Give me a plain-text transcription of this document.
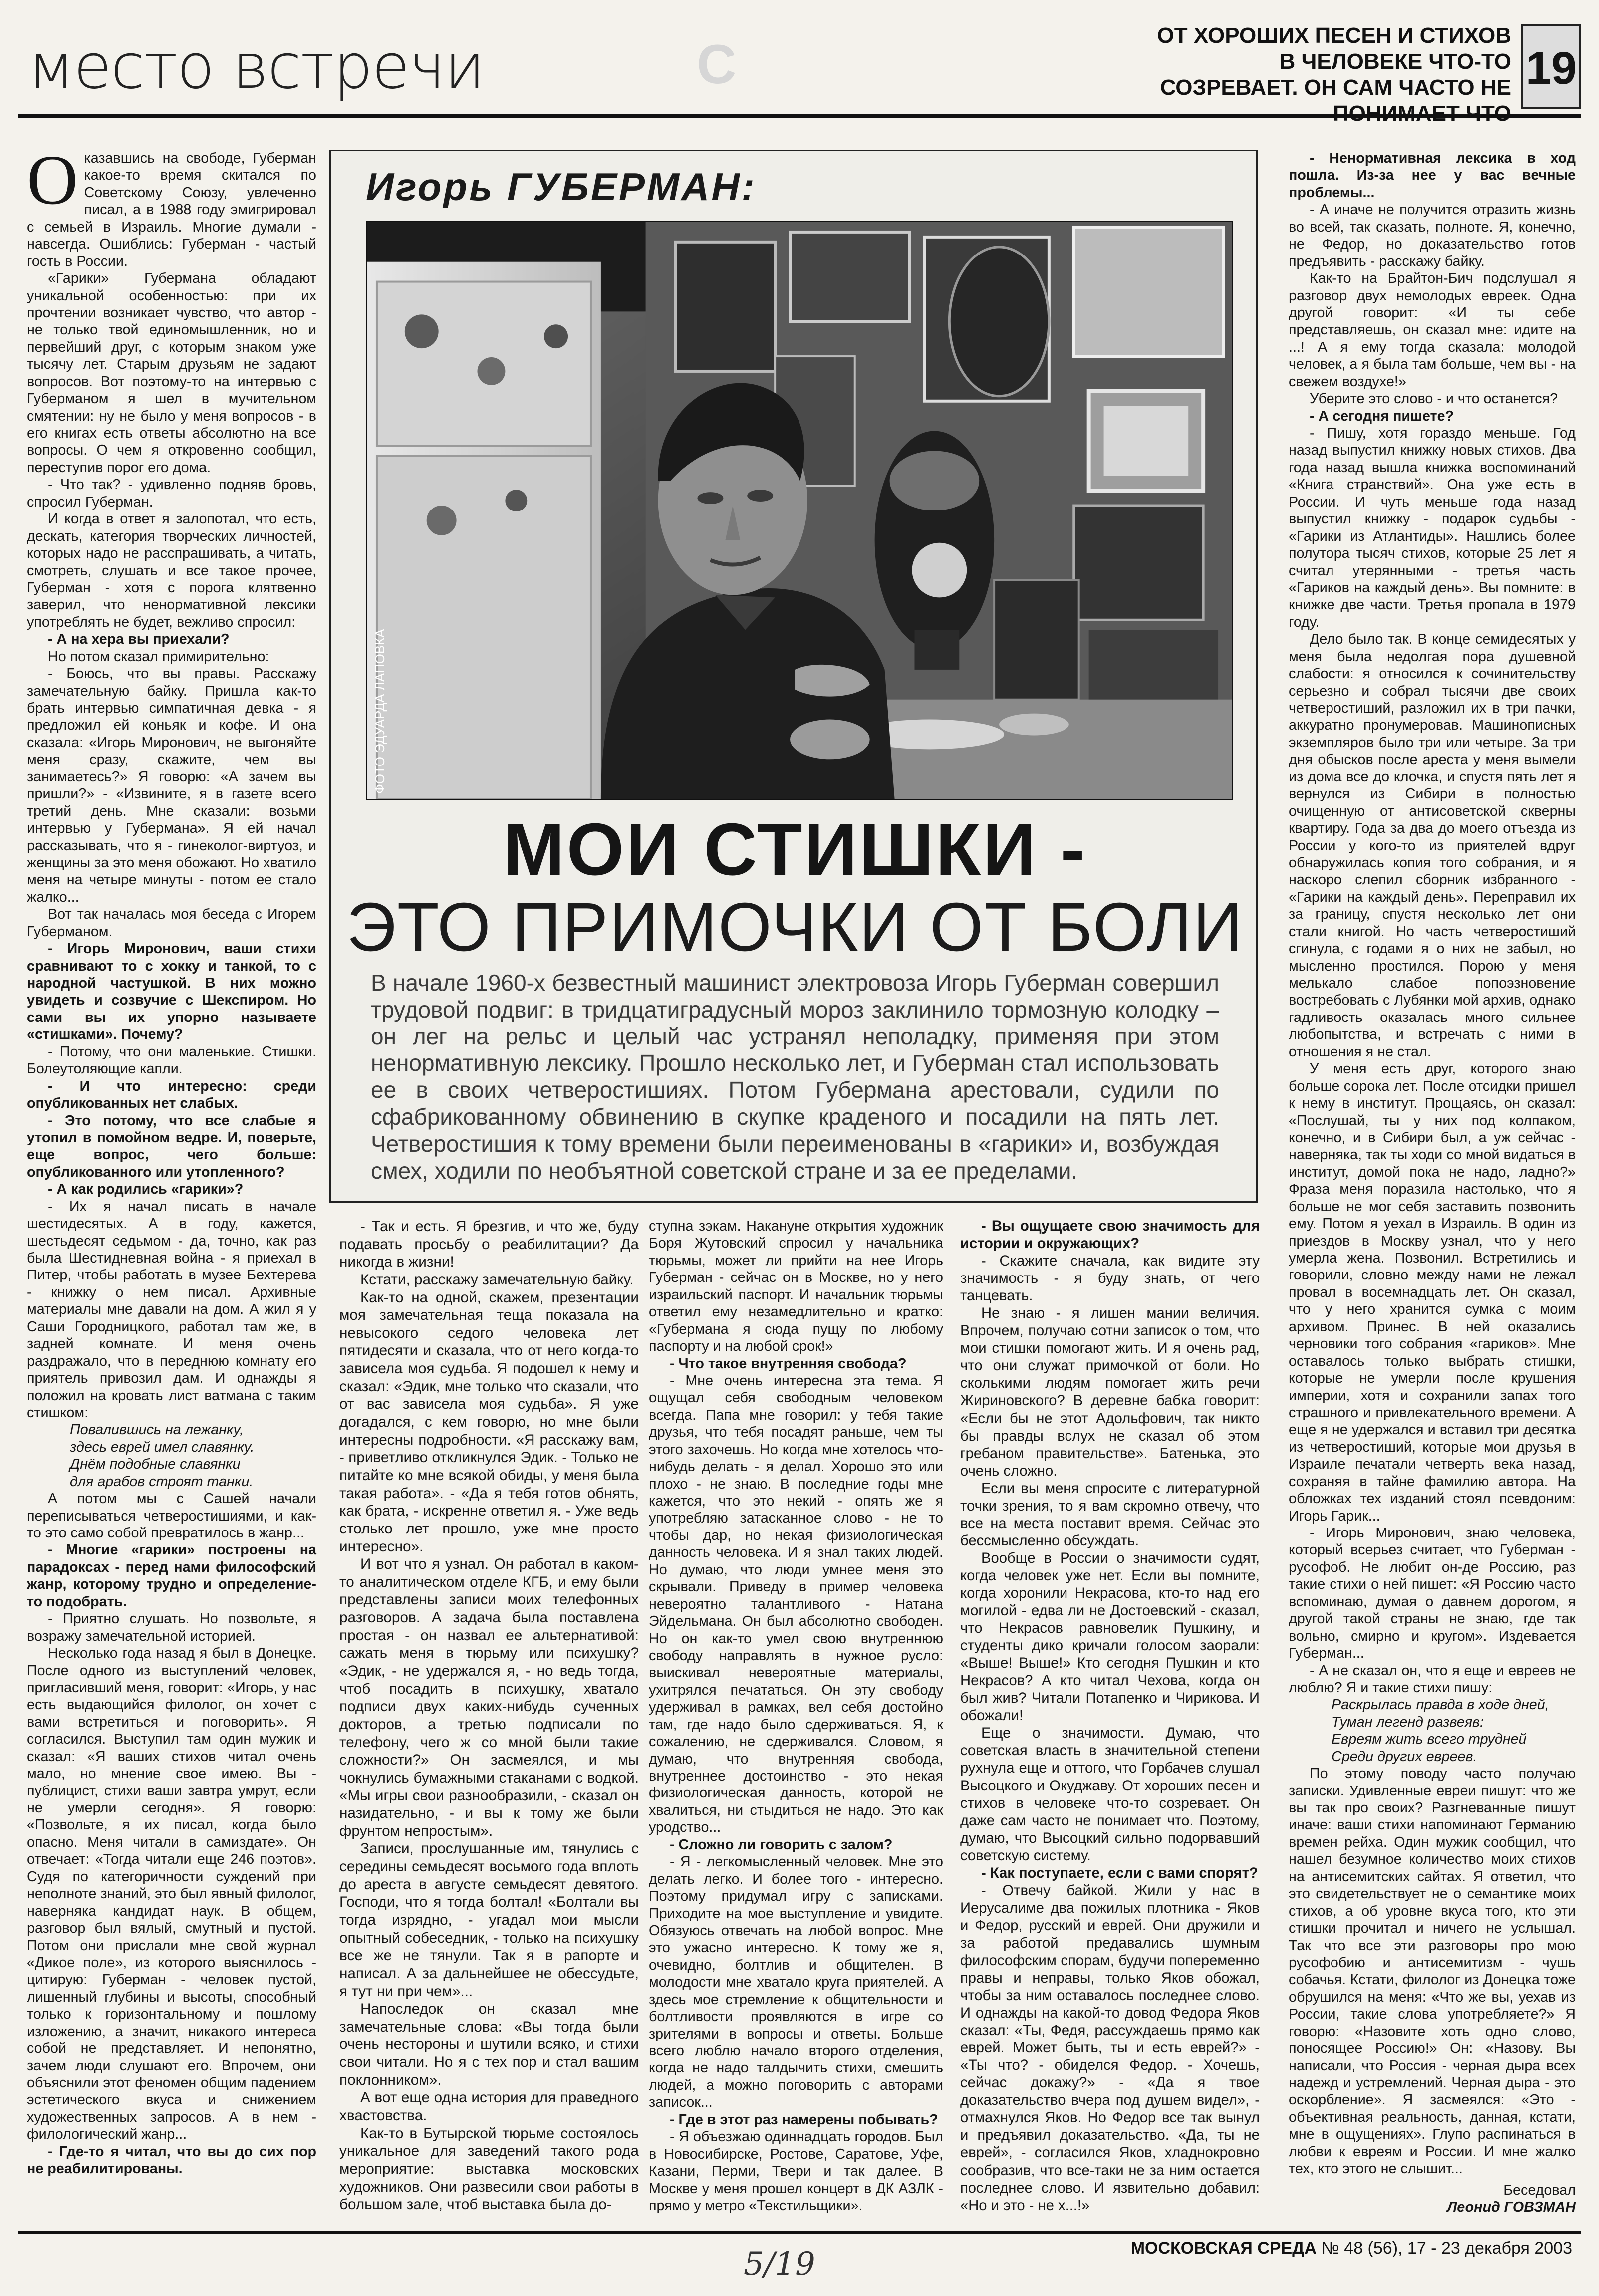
место встречи	С	ОТ ХОРОШИХ ПЕСЕН И СТИХОВ В ЧЕЛОВЕКЕ ЧТО-ТО СОЗРЕВАЕТ. ОН САМ ЧАСТО НЕ 19

Оказавшись на свободе, Губерман какое-то время скитался по Советскому Союзу, увлеченно писал, а в 1988 году эмигрировал с семьей в Израиль. Многие думали - навсегда. Ошиблись: Губерман - частый гость в России.

«Гарики» Губермана обладают уникальной особенностью: при их прочтении возникает чувство, что автор - не только твой единомышленник, но и первейший друг, с которым знаком уже тысячу лет. Старым друзьям не задают вопросов. Вот поэтому-то на интервью с Губерманом я шел в мучительном смятении: ну не было у меня вопросов - в его книгах есть ответы абсолютно на все вопросы. О чем я откровенно сообщил, переступив порог его дома.

- Что так? - удивленно подняв бровь, спросил Губерман.

И когда в ответ я залопотал, что есть, дескать, категория творческих личностей, которых надо не расспрашивать, а читать, смотреть, слушать и все такое прочее, Губерман - хотя с порога клятвенно заверил, что ненормативной лексики употреблять не будет, вежливо спросил:

- А на хера вы приехали?

Но потом сказал примирительно:

- Боюсь, что вы правы. Расскажу замечательную байку. Пришла как-то брать интервью симпатичная девка - я предложил ей коньяк и кофе. И она сказала: «Игорь Миронович, не выгоняйте меня сразу, скажите, чем вы занимаетесь?» Я говорю: «А зачем вы пришли?» - «Извините, я в газете всего третий день. Мне сказали: возьми интервью у Губермана». Я ей начал рассказывать, что я - гинеколог-виртуоз, и женщины за это меня обожают. Но хватило меня на четыре минуты - потом ее стало жалко...

Вот так началась моя беседа с Игорем Губерманом.

- Игорь Миронович, ваши стихи сравнивают то с хокку и танкой, то с народной частушкой. В них можно увидеть и созвучие с Шекспиром. Но сами вы их упорно называете «стишками». Почему?

- Потому, что они маленькие. Стишки. Болеутоляющие капли.

- И что интересно: среди опубликованных нет слабых.

- Это потому, что все слабые я утопил в помойном ведре. И, поверьте, еще вопрос, чего больше: опубликованного или утопленного?

- А как родились «гарики»?

- Их я начал писать в начале шестидесятых. А в году, кажется, шестьдесят седьмом - да, точно, как раз была Шестидневная война - я приехал в Питер, чтобы работать в музее Бехтерева - книжку о нем писал. Архивные материалы мне давали на дом. А жил я у Саши Городницкого, работал там же, в задней комнате. И меня очень раздражало, что в переднюю комнату его приятель привозил дам. И однажды я положил на кровать лист ватмана с таким стишком:

Повалившись на лежанку,

здесь еврей имел славянку.

Днём подобные славянки

для арабов строят танки.

А потом мы с Сашей начали переписываться четверостишиями, и как-то это само собой превратилось в жанр...

- Многие «гарики» построены на парадоксах - перед нами философский жанр, которому трудно и определение-то подобрать.

- Приятно слушать. Но позвольте, я возражу замечательной историей.

Несколько года назад я был в Донецке. После одного из выступлений человек, пригласивший меня, говорит: «Игорь, у нас есть выдающийся филолог, он хочет с вами встретиться и поговорить». Я согласился. Выступил там один мужик и сказал: «Я ваших стихов читал очень мало, но мнение свое имею. Вы - публицист, стихи ваши завтра умрут, если не умерли сегодня». Я говорю: «Позвольте, я их писал, когда было опасно. Меня читали в самиздате». Он отвечает: «Тогда читали еще 246 поэтов». Судя по категоричности суждений при неполноте знаний, это был явный филолог, наверняка кандидат наук. В общем, разговор был вялый, смутный и пустой. Потом они прислали мне свой журнал «Дикое поле», из которого выяснилось - цитирую: Губерман - человек пустой, лишенный глубины и высоты, способный только к горизонтальному и пошлому изложению, а значит, никакого интереса собой не представляет. И непонятно, зачем люди слушают его. Впрочем, они объяснили этот феномен общим падением эстетического вкуса и снижением художественных запросов. А в нем - филологический жанр...

- Где-то я читал, что вы до сих пор не реабилитированы.

Игорь ГУБЕРМАН:
ФОТО ЭДУАРДА ЛАПОВКА
МОИ СТИШКИ -
ЭТО ПРИМОЧКИ ОТ БОЛИ
В начале 1960-х безвестный машинист электровоза Игорь Губерман совершил трудовой подвиг: в тридцатиградусный мороз заклинило тормозную колодку – он лег на рельс и целый час устранял неполадку, применяя при этом ненормативную лексику. Прошло несколько лет, и Губерман стал использовать ее в своих четверостишиях. Потом Губермана арестовали, судили по сфабрикованному обвинению в скупке краденого и посадили на пять лет. Четверостишия к тому времени были переименованы в «гарики» и, возбуждая смех, ходили по необъятной советской стране и за ее пределами.

- Так и есть. Я брезгив, и что же, буду подавать просьбу о реабилитации? Да никогда в жизни!

Кстати, расскажу замечательную байку.

Как-то на одной, скажем, презентации моя замечательная теща показала на невысокого седого человека лет пятидесяти и сказала, что от него когда-то зависела моя судьба. Я подошел к нему и сказал: «Эдик, мне только что сказали, что от вас зависела моя судьба». Я уже догадался, с кем говорю, но мне были интересны подробности. «Я расскажу вам, - приветливо откликнулся Эдик. - Только не питайте ко мне всякой обиды, у меня была такая работа». - «Да я тебя готов обнять, как брата, - искренне ответил я. - Уже ведь столько лет прошло, уже мне просто интересно».

И вот что я узнал. Он работал в каком-то аналитическом отделе КГБ, и ему были представлены записи моих телефонных разговоров. А задача была поставлена простая - он назвал ее альтернативой: сажать меня в тюрьму или психушку? «Эдик, - не удержался я, - но ведь тогда, чтоб посадить в психушку, хватало подписи двух каких-нибудь сученных докторов, а третью подписали по телефону, чего ж со мной были такие сложности?» Он засмеялся, и мы чокнулись бумажными стаканами с водкой. «Мы игры свои разнообразили, - сказал он назидательно, - и вы к тому же были фрунтом непростым».

Записи, прослушанные им, тянулись с середины семьдесят восьмого года вплоть до ареста в августе семьдесят девятого. Господи, что я тогда болтал! «Болтали вы тогда изрядно, - угадал мои мысли опытный собеседник, - только на психушку все же не тянули. Так я в рапорте и написал. А за дальнейшее не обессудьте, я тут ни при чем»...

Напоследок он сказал мне замечательные слова: «Вы тогда были очень нестороны и шутили всяко, и стихи свои читали. Но я с тех пор и стал вашим поклонником».

А вот еще одна история для праведного хвастовства.

Как-то в Бутырской тюрьме состоялось уникальное для заведений такого рода мероприятие: выставка московских художников. Они развесили свои работы в большом зале, чтоб выставка была до-

ступна зэкам. Накануне открытия художник Боря Жутовский спросил у начальника тюрьмы, может ли прийти на нее Игорь Губерман - сейчас он в Москве, но у него израильский паспорт. И начальник тюрьмы ответил ему незамедлительно и кратко: «Губермана я сюда пущу по любому паспорту и на любой срок!»

- Что такое внутренняя свобода?

- Мне очень интересна эта тема. Я ощущал себя свободным человеком всегда. Папа мне говорил: у тебя такие друзья, что тебя посадят раньше, чем ты этого захочешь. Но когда мне хотелось что-нибудь делать - я делал. Хорошо это или плохо - не знаю. В последние годы мне кажется, что это некий - опять же я употребляю затасканное слово - не то чтобы дар, но некая физиологическая данность человека. И я знал таких людей. Но думаю, что люди умнее меня это скрывали. Приведу в пример человека невероятно талантливого - Натана Эйдельмана. Он был абсолютно свободен. Но он как-то умел свою внутреннюю свободу направлять в нужное русло: выискивал невероятные материалы, ухитрялся печататься. Он эту свободу удерживал в рамках, вел себя достойно там, где надо было сдерживаться. Я, к сожалению, не сдерживался. Словом, я думаю, что внутренняя свобода, внутреннее достоинство - это некая физиологическая данность, которой не хвалиться, ни стыдиться не надо. Это как уродство...

- Сложно ли говорить с залом?

- Я - легкомысленный человек. Мне это делать легко. И более того - интересно. Поэтому придумал игру с записками. Приходите на мое выступление и увидите. Обязуюсь отвечать на любой вопрос. Мне это ужасно интересно. К тому же я, очевидно, болтлив и общителен. В молодости мне хватало круга приятелей. А здесь мое стремление к общительности и болтливости проявляются в игре со зрителями в вопросы и ответы. Больше всего люблю начало второго отделения, когда не надо талдычить стихи, смешить людей, а можно поговорить с авторами записок...

- Где в этот раз намерены побывать?

- Я объезжаю одиннадцать городов. Был в Новосибирске, Ростове, Саратове, Уфе, Казани, Перми, Твери и так далее. В Москве у меня прошел концерт в ДК АЗЛК - прямо у метро «Текстильщики».

- Вы ощущаете свою значимость для истории и окружающих?

- Скажите сначала, как видите эту значимость - я буду знать, от чего танцевать.

Не знаю - я лишен мании величия. Впрочем, получаю сотни записок о том, что мои стишки помогают жить. И я очень рад, что они служат примочкой от боли. Но сколькими людям помогает жить речи Жириновского? В деревне бабка говорит: «Если бы не этот Адольфович, так никто бы правды вслух не сказал об этом гребаном правительстве». Батенька, это очень сложно.

Если вы меня спросите с литературной точки зрения, то я вам скромно отвечу, что все на места поставит время. Сейчас это бессмысленно обсуждать.

Вообще в России о значимости судят, когда человек уже нет. Если вы помните, когда хоронили Некрасова, кто-то над его могилой - едва ли не Достоевский - сказал, что Некрасов равновелик Пушкину, и студенты дико кричали голосом заорали: «Выше! Выше!» Кто сегодня Пушкин и кто Некрасов? А кто читал Чехова, когда он был жив? Читали Потапенко и Чирикова. И обожали!

Еще о значимости. Думаю, что советская власть в значительной степени рухнула еще и оттого, что Горбачев слушал Высоцкого и Окуджаву. От хороших песен и стихов в человеке что-то созревает. Он даже сам часто не понимает что. Поэтому, думаю, что Высоцкий сильно подорвавший советскую систему.

- Как поступаете, если с вами спорят?

- Отвечу байкой. Жили у нас в Иерусалиме два пожилых плотника - Яков и Федор, русский и еврей. Они дружили и за работой предавались шумным философским спорам, будучи попеременно правы и неправы, только Яков обожал, чтобы за ним оставалось последнее слово. И однажды на какой-то довод Федора Яков сказал: «Ты, Федя, рассуждаешь прямо как еврей. Может быть, ты и есть еврей?» - «Ты что? - обиделся Федор. - Хочешь, сейчас докажу?» - «Да я твое доказательство вчера под душем видел», - отмахнулся Яков. Но Федор все так вынул и предъявил доказательство. «Да, ты не еврей», - согласился Яков, хладнокровно сообразив, что все-таки не за ним остается последнее слово. И язвительно добавил: «Но и это - не х...!»

- Ненормативная лексика в ход пошла. Из-за нее у вас вечные проблемы...

- А иначе не получится отразить жизнь во всей, так сказать, полноте. Я, конечно, не Федор, но доказательство готов предъявить - расскажу байку.

Как-то на Брайтон-Бич подслушал я разговор двух немолодых евреек. Одна другой говорит: «И ты себе представляешь, он сказал мне: идите на ...! А я ему тогда сказала: молодой человек, а я была там больше, чем вы - на свежем воздухе!»

Уберите это слово - и что останется?

- А сегодня пишете?

- Пишу, хотя гораздо меньше. Год назад выпустил книжку новых стихов. Два года назад вышла книжка воспоминаний «Книга странствий». Она уже есть в России. И чуть меньше года назад выпустил книжку - подарок судьбы - «Гарики из Атлантиды». Нашлись более полутора тысяч стихов, которые 25 лет я считал утерянными - третья часть «Гариков на каждый день». Вы помните: в книжке две части. Третья пропала в 1979 году.

Дело было так. В конце семидесятых у меня была недолгая пора душевной слабости: я относился к сочинительству серьезно и собрал тысячи две своих четверостиший, разложил их в три пачки, аккуратно пронумеровав. Машинописных экземпляров было три или четыре. За три дня обысков после ареста у меня вымели из дома все до клочка, и спустя пять лет я вернулся из Сибири в полностью очищенную от антисоветской скверны квартиру. Года за два до моего отъезда из России у кого-то из приятелей вдруг обнаружилась копия того собрания, и я наскоро слепил сборник избранного - «Гарики на каждый день». Переправил их за границу, спустя несколько лет они стали книгой. Но часть четверостиший сгинула, с годами я о них не забыл, но мысленно простился. Порою у меня мелькало слабое попоэзновение востребовать с Лубянки мой архив, однако гадливость оказалась много сильнее любопытства, и встречать с ними в отношения я не стал.

У меня есть друг, которого знаю больше сорока лет. После отсидки пришел к нему в институт. Прощаясь, он сказал: «Послушай, ты у них под колпаком, конечно, и в Сибири был, а уж сейчас - наверняка, так ты ходи со мной видаться в институт, домой пока не надо, ладно?» Фраза меня поразила настолько, что я больше не мог себя заставить позвонить ему. Потом я уехал в Израиль. В один из приездов в Москву узнал, что у него умерла жена. Позвонил. Встретились и говорили, словно между нами не лежал провал в восемнадцать лет. Он сказал, что у него хранится сумка с моим архивом. Принес. В ней оказались черновики того собрания «гариков». Мне оставалось только выбрать стишки, которые не умерли после крушения империи, хотя и сохранили запах того страшного и привлекательного времени. А еще я не удержался и вставил три десятка из четверостиший, которые мои друзья в Израиле печатали четверть века назад, сохраняя в тайне фамилию автора. На обложках тех изданий стоял псевдоним: Игорь Гарик...

- Игорь Миронович, знаю человека, который всерьез считает, что Губерман - русофоб. Не любит он-де Россию, раз такие стихи о ней пишет: «Я Россию часто вспоминаю, думая о давнем дорогом, я другой такой страны не знаю, где так вольно, смирно и кругом». Издевается Губерман...

- А не сказал он, что я еще и евреев не люблю? Я и такие стихи пишу:

Раскрылась правда в ходе дней,

Туман легенд развеяв:

Евреям жить всего трудней

Среди других евреев.

По этому поводу часто получаю записки. Удивленные евреи пишут: что же вы так про своих? Разгневанные пишут иначе: ваши стихи напоминают Германию времен рейха. Один мужик сообщил, что нашел безумное количество моих стихов на антисемитских сайтах. Я ответил, что это свидетельствует не о семантике моих стихов, а об уровне вкуса того, кто эти стишки прочитал и ничего не услышал. Так что все эти разговоры про мою русофобию и антисемитизм - чушь собачья. Кстати, филолог из Донецка тоже обрушился на меня: «Что же вы, уехав из России, такие слова употребляете?» Я говорю: «Назовите хоть одно слово, поносящее Россию!» Он: «Назову. Вы написали, что Россия - черная дыра всех надежд и устремлений. Черная дыра - это оскорбление». Я засмеялся: «Это - объективная реальность, данная, кстати, мне в ощущениях». Глупо распинаться в любви к евреям и России. И мне жалко тех, кто этого не слышит...

Беседовал

Леонид ГОВЗМАН

МОСКОВСКАЯ СРЕДА № 48 (56), 17 - 23 декабря 2003
5/19
